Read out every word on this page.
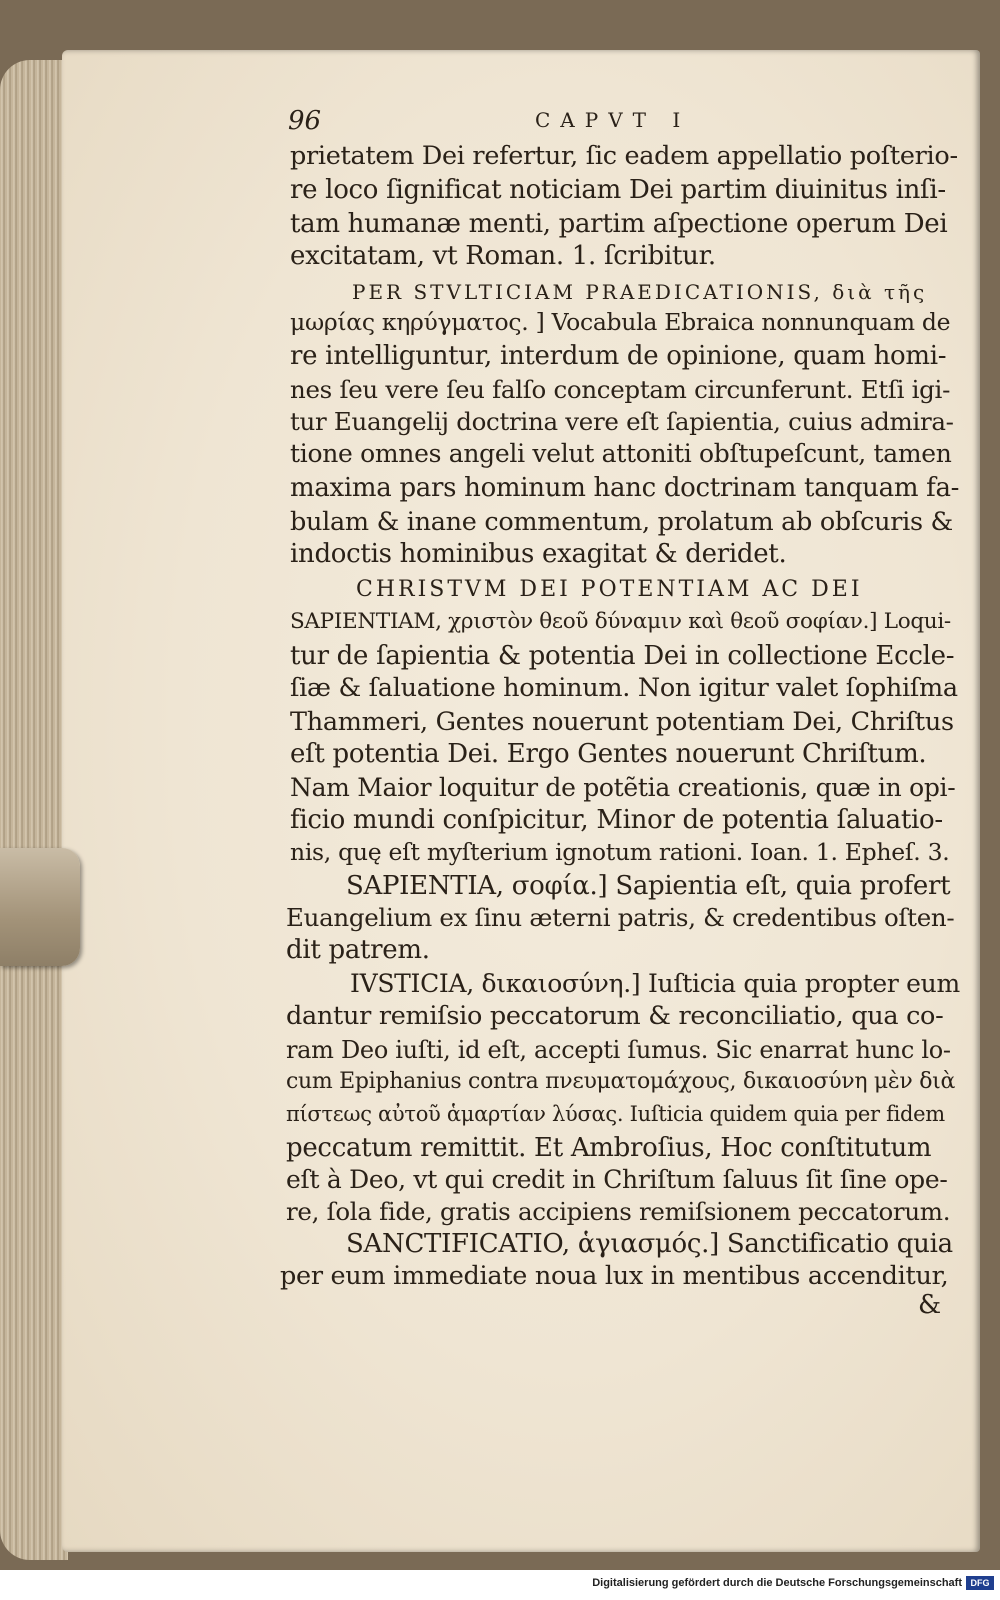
96	CAPVT I
prietatem Dei refertur, ſic eadem appellatio poſterio-
re loco ſignificat noticiam Dei partim diuinitus inſi-
tam humanæ menti, partim aſpectione operum Dei
excitatam, vt Roman. 1. ſcribitur.
PER STVLTICIAM PRAEDICATIONIS, διὰ τῆς
μωρίας κηρύγματος. ] Vocabula Ebraica nonnunquam de
re intelliguntur, interdum de opinione, quam homi-
nes ſeu vere ſeu falſo conceptam circunferunt. Etſi igi-
tur Euangelij doctrina vere eſt ſapientia, cuius admira-
tione omnes angeli velut attoniti obſtupeſcunt, tamen
maxima pars hominum hanc doctrinam tanquam fa-
bulam & inane commentum, prolatum ab obſcuris &
indoctis hominibus exagitat & deridet.
CHRISTVM DEI POTENTIAM AC DEI
SAPIENTIAM, χριστὸν θεοῦ δύναμιν καὶ θεοῦ σοφίαν.] Loqui-
tur de ſapientia & potentia Dei in collectione Eccle-
ſiæ & ſaluatione hominum. Non igitur valet ſophiſma
Thammeri, Gentes nouerunt potentiam Dei, Chriſtus
eſt potentia Dei. Ergo Gentes nouerunt Chriſtum.
Nam Maior loquitur de potẽtia creationis, quæ in opi-
ficio mundi conſpicitur, Minor de potentia ſaluatio-
nis, quę eſt myſterium ignotum rationi. Ioan. 1. Epheſ. 3.
SAPIENTIA, σοφία.] Sapientia eſt, quia profert
Euangelium ex ſinu æterni patris, & credentibus oſten-
dit patrem.
IVSTICIA, δικαιοσύνη.] Iuſticia quia propter eum
dantur remiſsio peccatorum & reconciliatio, qua co-
ram Deo iuſti, id eſt, accepti ſumus. Sic enarrat hunc lo-
cum Epiphanius contra πνευματομάχους, δικαιοσύνη μὲν διὰ
πίστεως αὐτοῦ ἁμαρτίαν λύσας. Iuſticia quidem quia per fidem
peccatum remittit. Et Ambroſius, Hoc conſtitutum
eſt à Deo, vt qui credit in Chriſtum ſaluus ſit ſine ope-
re, ſola fide, gratis accipiens remiſsionem peccatorum.
SANCTIFICATIO, ἁγιασμός.] Sanctificatio quia
per eum immediate noua lux in mentibus accenditur,
&
Digitalisierung gefördert durch die Deutsche Forschungsgemeinschaft DFG
